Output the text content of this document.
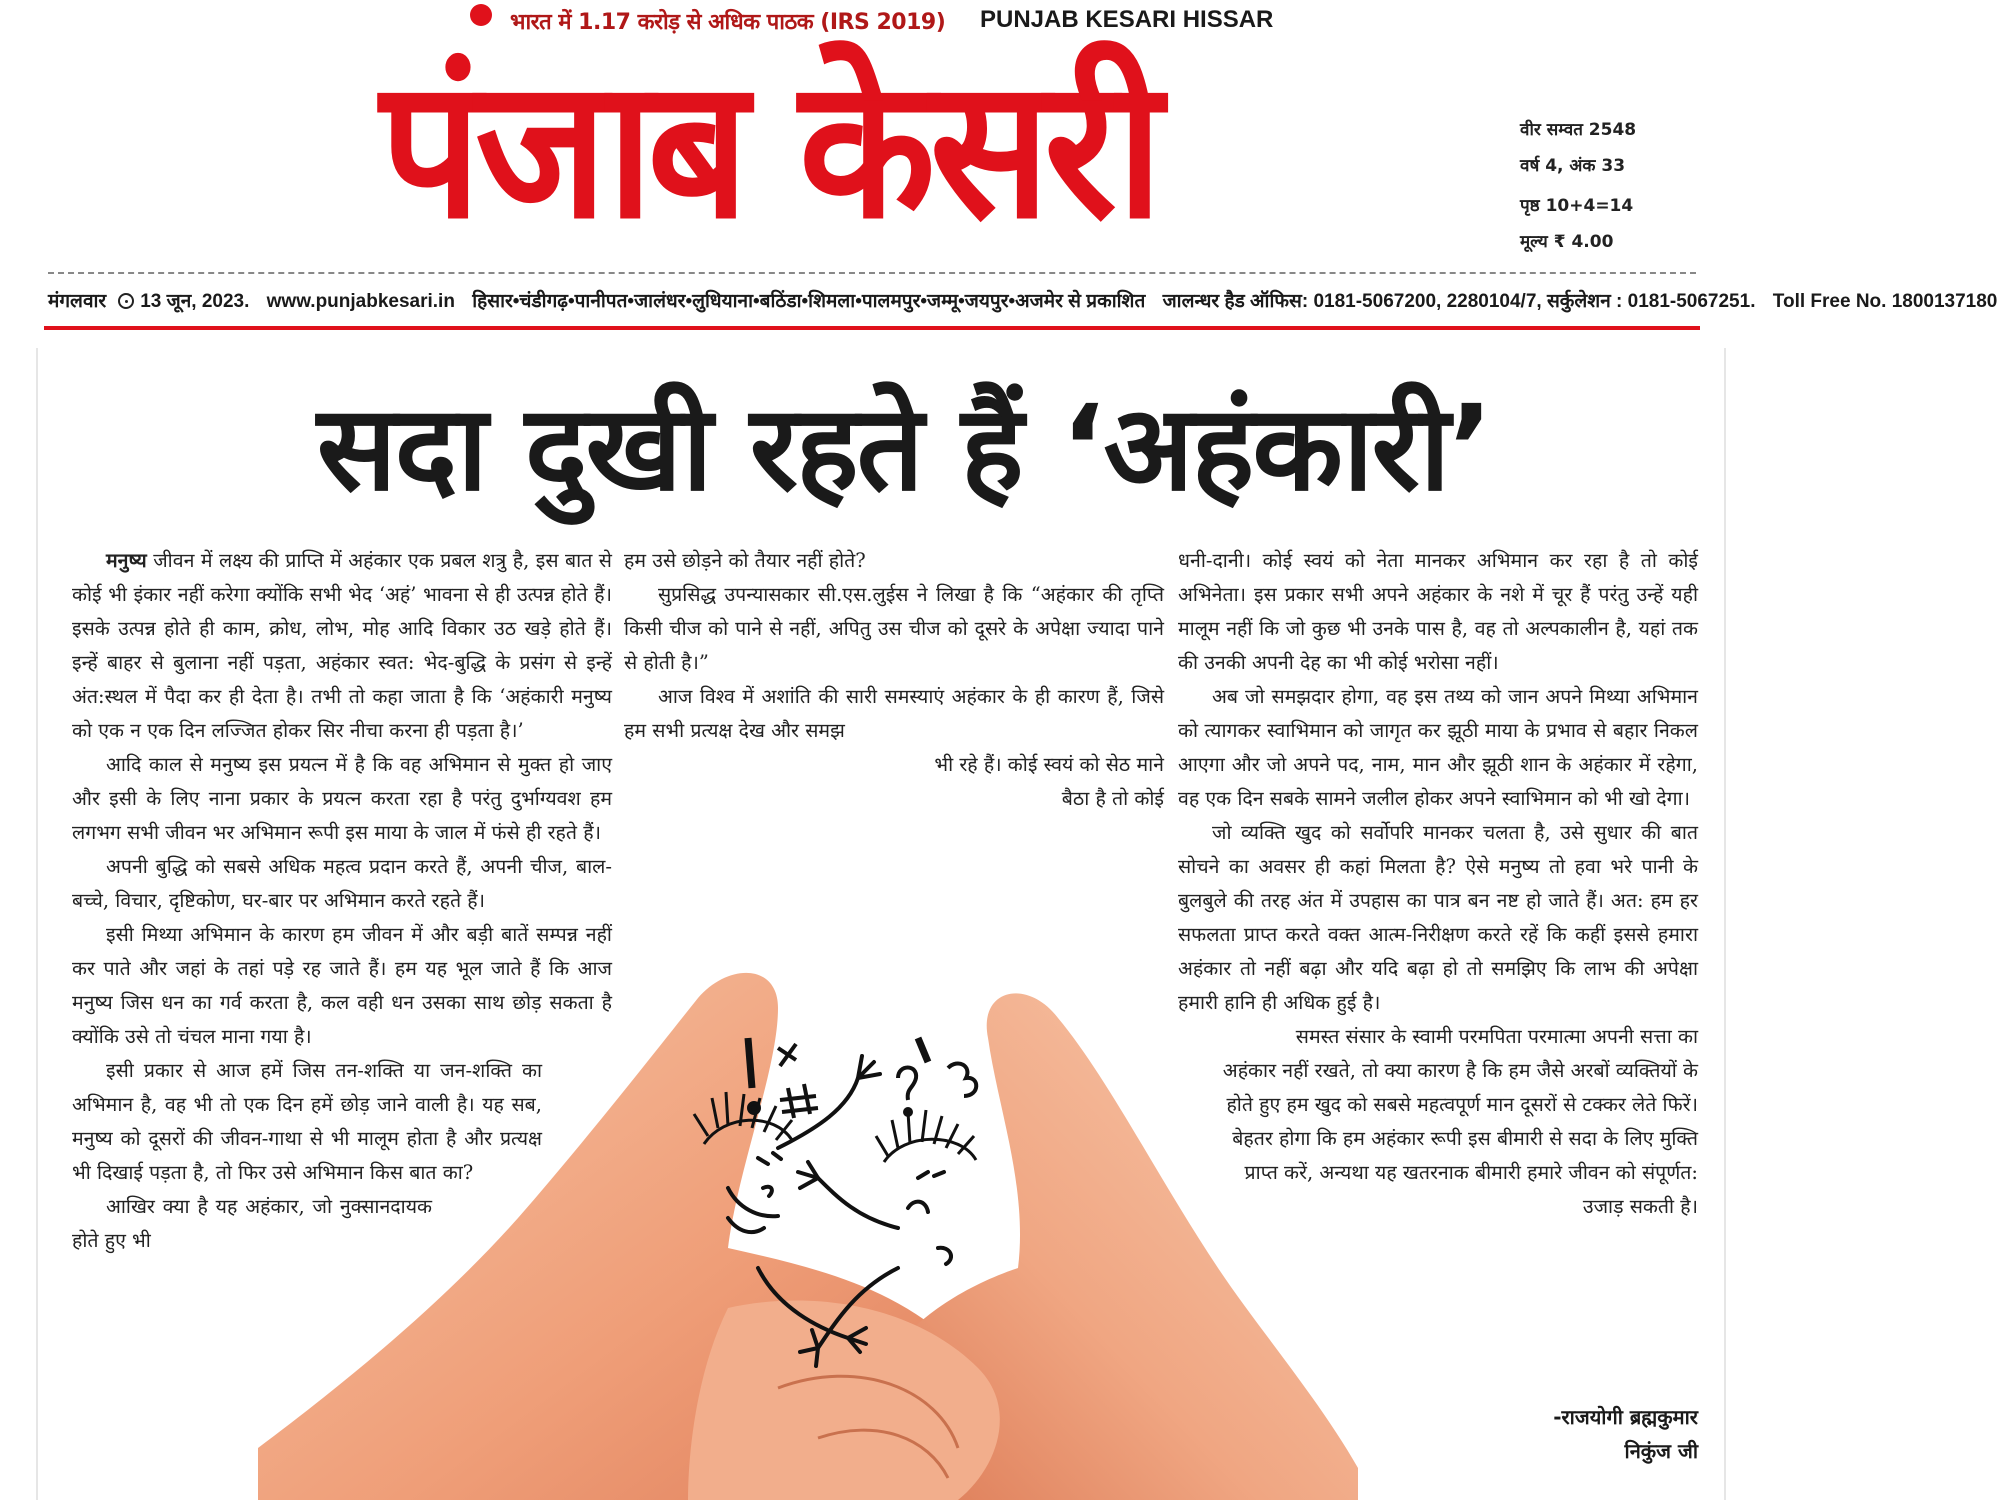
भारत में 1.17 करोड़ से अधिक पाठक (IRS 2019) PUNJAB KESARI HISSAR
पंजाब केसरी	वीर सम्वत 2548
वर्ष 4, अंक 33
पृष्ठ 10+4=14
मूल्य ₹ 4.00
मंगलवार 13 जून, 2023. www.punjabkesari.in हिसार•चंडीगढ़•पानीपत•जालंधर•लुधियाना•बठिंडा•शिमला•पालमपुर•जम्मू•जयपुर•अजमेर से प्रकाशित जालन्धर हैड ऑफिस: 0181-5067200, 2280104/7, सर्कुलेशन : 0181-5067251. Toll Free No. 1800137180
सदा दुखी रहते हैं ‘अहंकारी’

मनुष्य जीवन में लक्ष्य की प्राप्ति में अहंकार एक प्रबल शत्रु है, इस बात से कोई भी इंकार नहीं करेगा क्योंकि सभी भेद ‘अहं’ भावना से ही उत्पन्न होते हैं। इसके उत्पन्न होते ही काम, क्रोध, लोभ, मोह आदि विकार उठ खड़े होते हैं। इन्हें बाहर से बुलाना नहीं पड़ता, अहंकार स्वत: भेद-बुद्धि के प्रसंग से इन्हें अंत:स्थल में पैदा कर ही देता है। तभी तो कहा जाता है कि ‘अहंकारी मनुष्य को एक न एक दिन लज्जित होकर सिर नीचा करना ही पड़ता है।’

आदि काल से मनुष्य इस प्रयत्न में है कि वह अभिमान से मुक्त हो जाए और इसी के लिए नाना प्रकार के प्रयत्न करता रहा है परंतु दुर्भाग्यवश हम लगभग सभी जीवन भर अभिमान रूपी इस माया के जाल में फंसे ही रहते हैं।

अपनी बुद्धि को सबसे अधिक महत्व प्रदान करते हैं, अपनी चीज, बाल-बच्चे, विचार, दृष्टिकोण, घर-बार पर अभिमान करते रहते हैं।

इसी मिथ्या अभिमान के कारण हम जीवन में और बड़ी बातें सम्पन्न नहीं कर पाते और जहां के तहां पड़े रह जाते हैं। हम यह भूल जाते हैं कि आज मनुष्य जिस धन का गर्व करता है, कल वही धन उसका साथ छोड़ सकता है क्योंकि उसे तो चंचल माना गया है।

इसी प्रकार से आज हमें जिस तन-शक्ति या जन-शक्ति का अभिमान है, वह भी तो एक दिन हमें छोड़ जाने वाली है। यह सब, मनुष्य को दूसरों की जीवन-गाथा से भी मालूम होता है और प्रत्यक्ष भी दिखाई पड़ता है, तो फिर उसे अभिमान किस बात का?

आखिर क्या है यह अहंकार, जो नुक्सानदायक होते हुए भी

हम उसे छोड़ने को तैयार नहीं होते?

सुप्रसिद्ध उपन्यासकार सी.एस.लुईस ने लिखा है कि “अहंकार की तृप्ति किसी चीज को पाने से नहीं, अपितु उस चीज को दूसरे के अपेक्षा ज्यादा पाने से होती है।”

आज विश्व में अशांति की सारी समस्याएं अहंकार के ही कारण हैं, जिसे हम सभी प्रत्यक्ष देख और समझ

भी रहे हैं। कोई स्वयं को सेठ माने बैठा है तो कोई

धनी-दानी। कोई स्वयं को नेता मानकर अभिमान कर रहा है तो कोई अभिनेता। इस प्रकार सभी अपने अहंकार के नशे में चूर हैं परंतु उन्हें यही मालूम नहीं कि जो कुछ भी उनके पास है, वह तो अल्पकालीन है, यहां तक की उनकी अपनी देह का भी कोई भरोसा नहीं।

अब जो समझदार होगा, वह इस तथ्य को जान अपने मिथ्या अभिमान को त्यागकर स्वाभिमान को जागृत कर झूठी माया के प्रभाव से बहार निकल आएगा और जो अपने पद, नाम, मान और झूठी शान के अहंकार में रहेगा, वह एक दिन सबके सामने जलील होकर अपने स्वाभिमान को भी खो देगा।

जो व्यक्ति खुद को सर्वोपरि मानकर चलता है, उसे सुधार की बात सोचने का अवसर ही कहां मिलता है? ऐसे मनुष्य तो हवा भरे पानी के बुलबुले की तरह अंत में उपहास का पात्र बन नष्ट हो जाते हैं। अत: हम हर सफलता प्राप्त करते वक्त आत्म-निरीक्षण करते रहें कि कहीं इससे हमारा अहंकार तो नहीं बढ़ा और यदि बढ़ा हो तो समझिए कि लाभ की अपेक्षा हमारी हानि ही अधिक हुई है।

समस्त संसार के स्वामी परमपिता परमात्मा अपनी सत्ता का अहंकार नहीं रखते, तो क्या कारण है कि हम जैसे अरबों व्यक्तियों के होते हुए हम खुद को सबसे महत्वपूर्ण मान दूसरों से टक्कर लेते फिरें। बेहतर होगा कि हम अहंकार रूपी इस बीमारी से सदा के लिए मुक्ति प्राप्त करें, अन्यथा यह खतरनाक बीमारी हमारे जीवन को संपूर्णत: उजाड़ सकती है।

-राजयोगी ब्रह्मकुमार
निकुंज जी
